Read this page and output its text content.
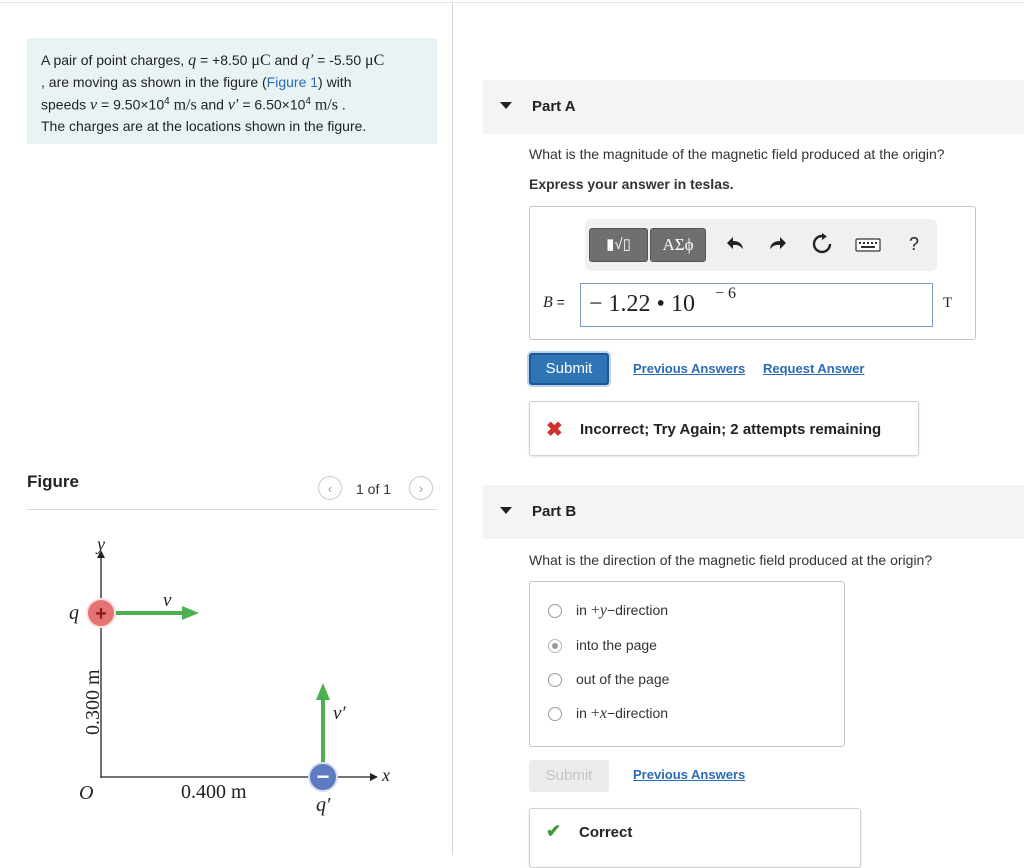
A pair of point charges, q = +8.50 μC and q′ = -5.50 μC
, are moving as shown in the figure (Figure 1) with
speeds $v = 9.50\times 10^4$ m/s and $v' = 6.50\times 10^4$ m/s .
The charges are at the locations shown in the figure.
Figure	‹	1 of 1	›
y
x
O
0.300 m
0.400 m
v
+
q
v′
−
q′
Part A
What is the magnitude of the magnetic field produced at the origin?
Express your answer in teslas.
▮√▯	ΑΣϕ	?
B = − 1.22 • 10 − 6
T
Submit	Previous Answers Request Answer
✖ Incorrect; Try Again; 2 attempts remaining
Part B
What is the direction of the magnetic field produced at the origin?
in +y−direction
into the page
out of the page
in +x−direction
Submit	Previous Answers
✔ Correct
